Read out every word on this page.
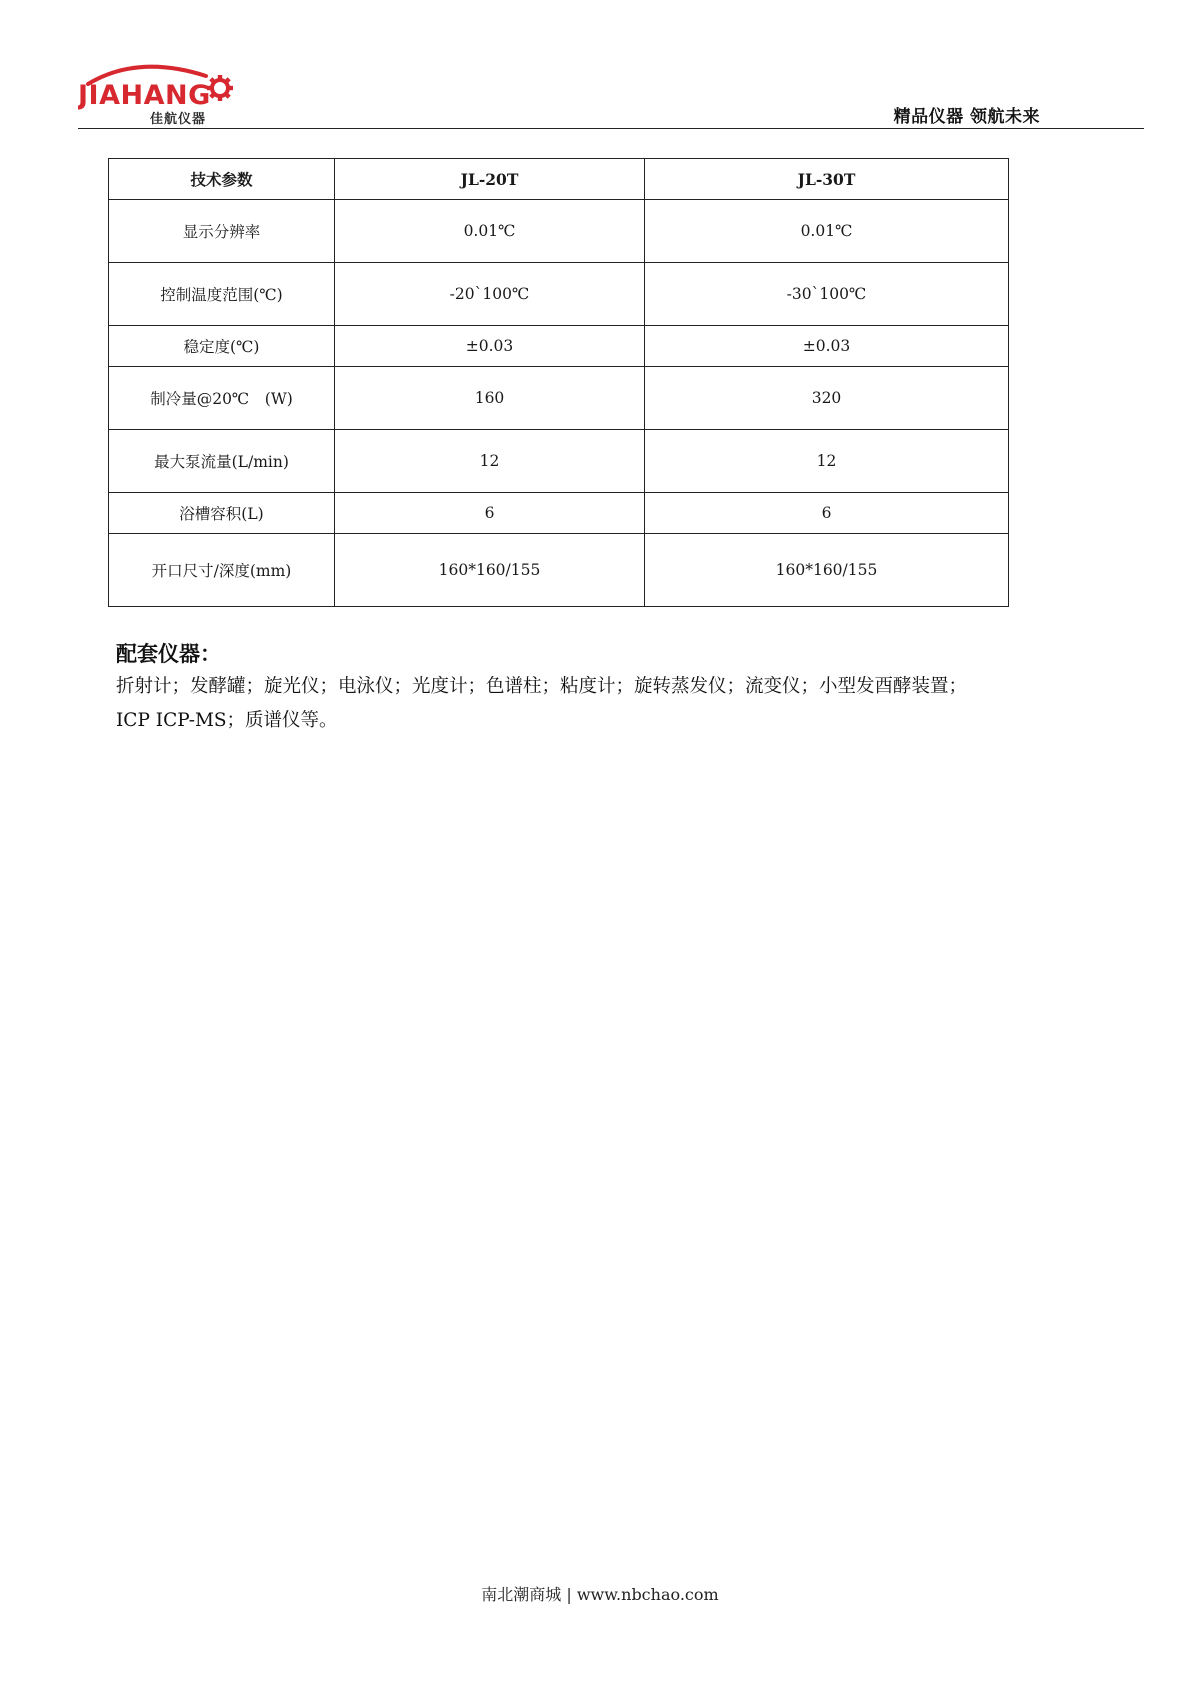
JIAHANG
佳航仪器	精品仪器 领航未来
技术参数	JL-20T	JL-30T
显示分辨率	0.01℃	0.01℃
控制温度范围(℃)	-20`100℃	-30`100℃
稳定度(℃)	±0.03	±0.03
制冷量@20℃　(W)	160	320
最大泵流量(L/min)	12	12
浴槽容积(L)	6	6
开口尺寸/深度(mm)	160*160/155	160*160/155
配套仪器：
折射计；发酵罐；旋光仪；电泳仪；光度计；色谱柱；粘度计；旋转蒸发仪；流变仪；小型发酉酵装置；
ICP ICP-MS；质谱仪等。
南北潮商城 | www.nbchao.com
